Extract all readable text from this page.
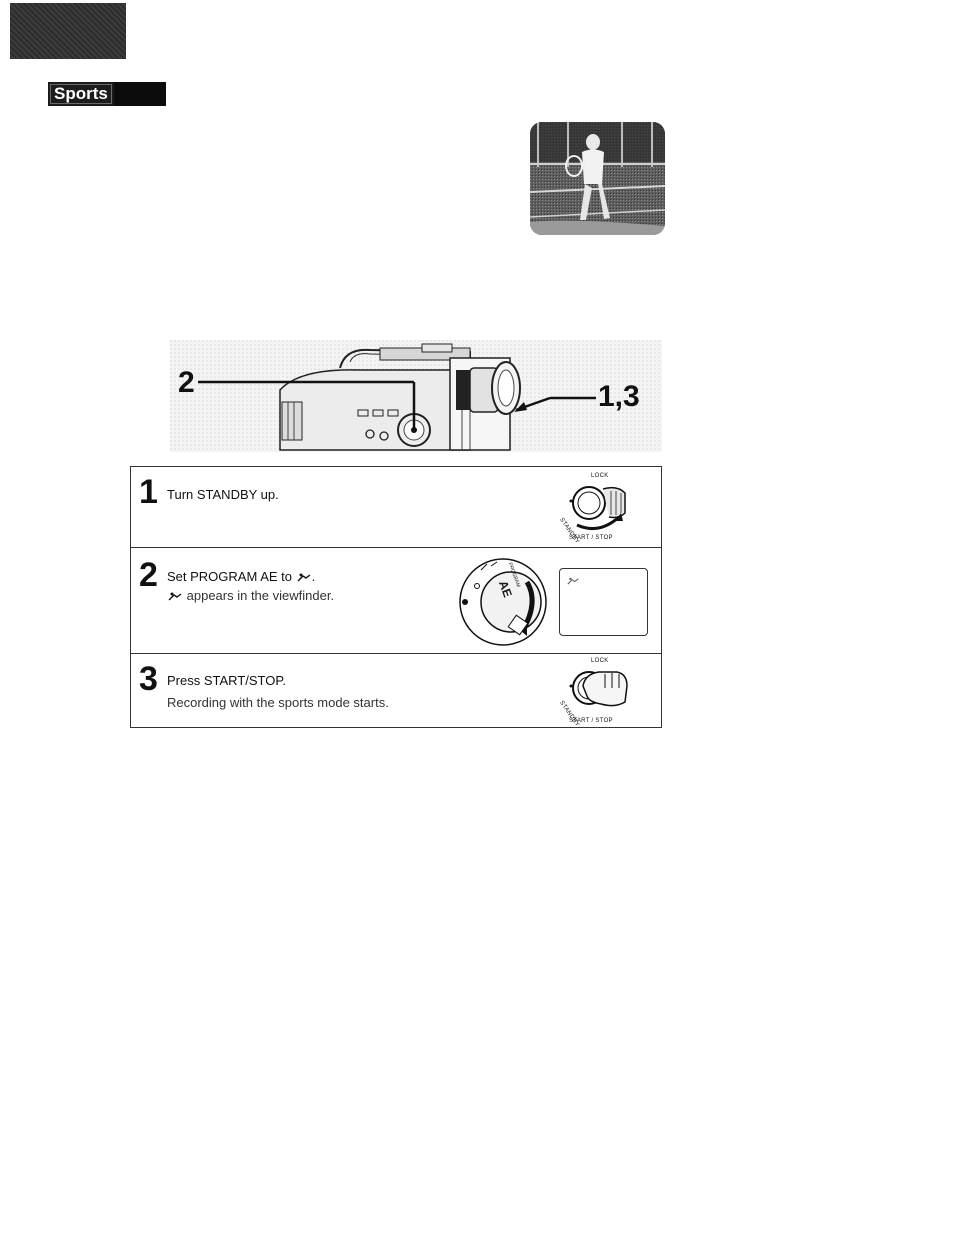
Sports
2	1,3
1 Turn STANDBY up.
LOCK
STANDBY
START / STOP
2 Set PROGRAM AE to .
appears in the viewfinder.	AE
PROGRAM
3 Press START/STOP.
Recording with the sports mode starts.
LOCK
STANDBY
START / STOP
